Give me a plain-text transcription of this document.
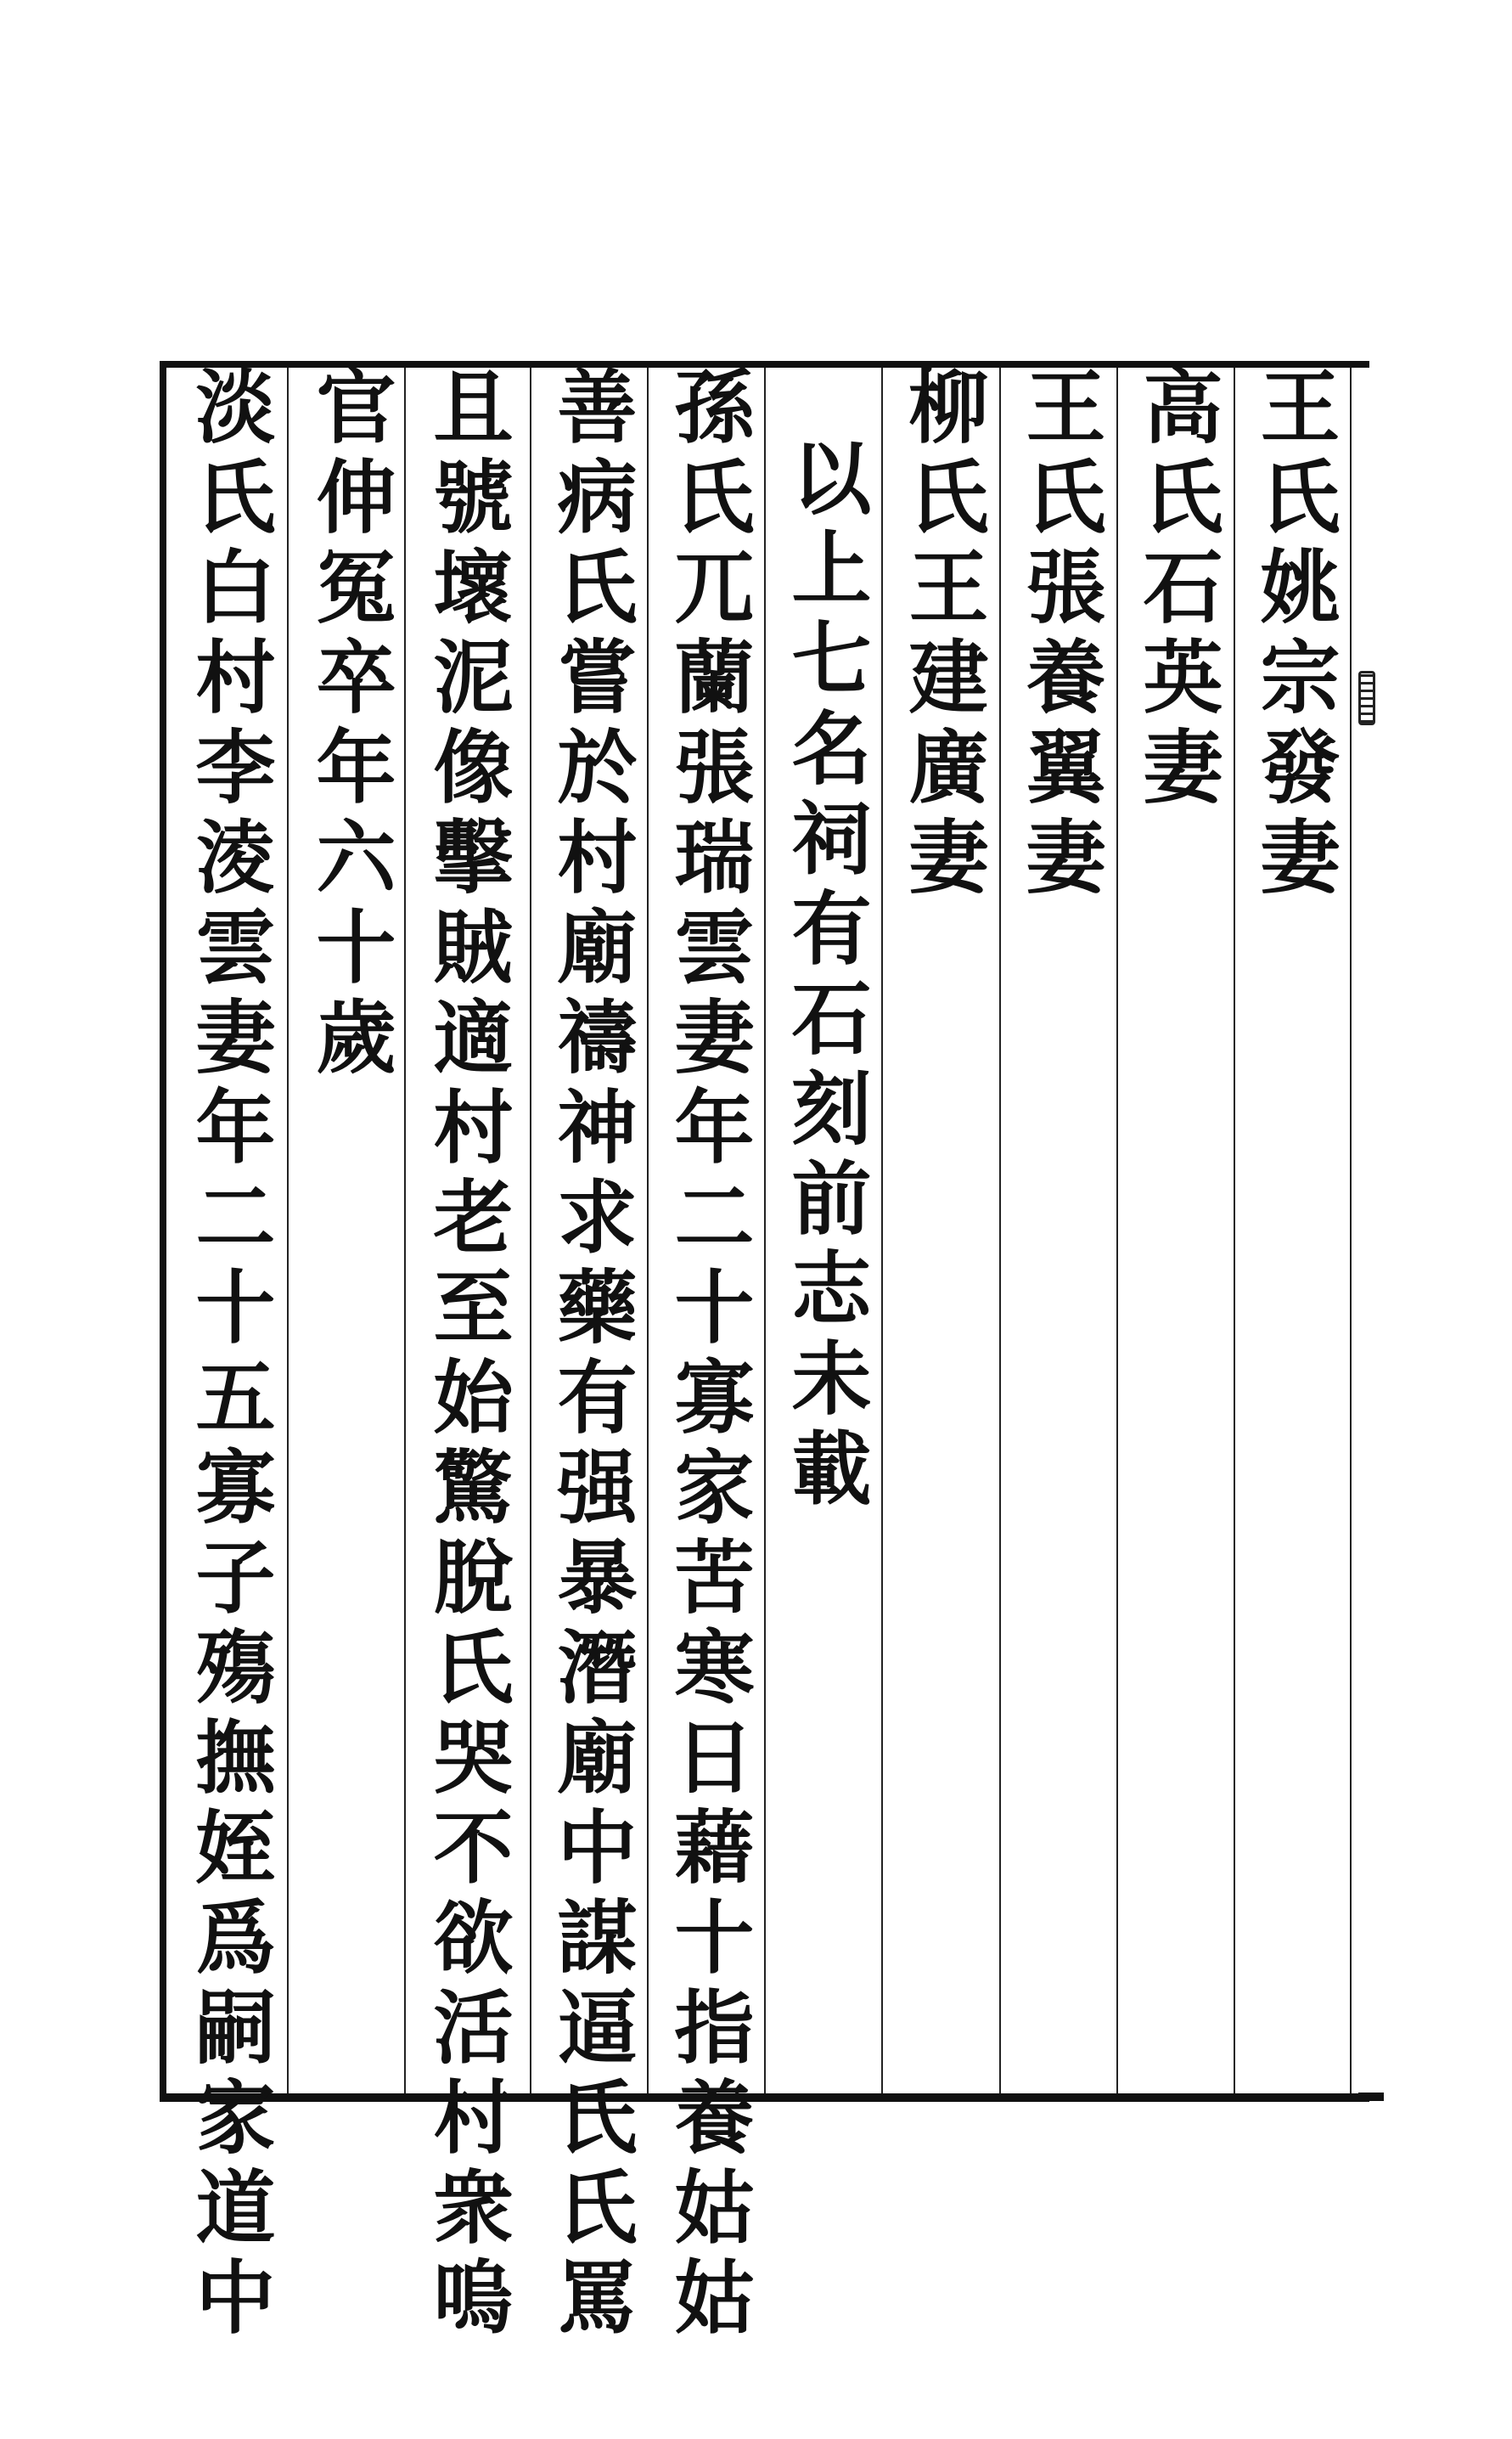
王氏姚宗發妻
高氏石英妻
王氏張養翼妻
柳氏王建廣妻
以上七名祠有石刻前志未載
孫氏兀蘭張瑞雲妻年二十寡家苦寒日藉十指養姑姑
善病氏嘗於村廟禱神求藥有强暴潛廟中謀逼氏氏罵
且號壞泥像擊賊適村老至始驚脫氏哭不欲活村衆嗚
官伸冤卒年六十歲
淡氏白村李淩雲妻年二十五寡子殤撫姪爲嗣家道中
